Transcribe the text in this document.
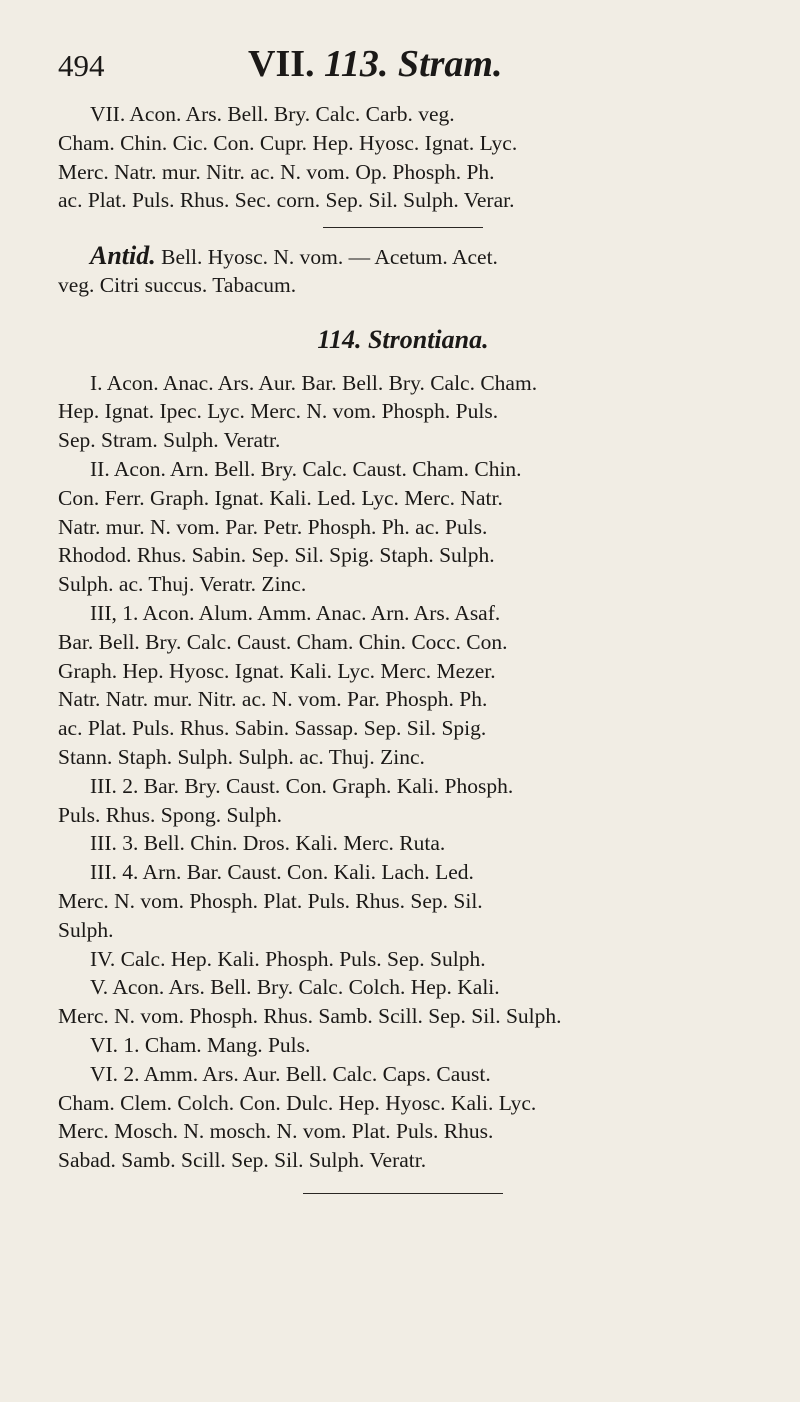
494	VII. 113. Stram.
VII. Acon. Ars. Bell. Bry. Calc. Carb. veg.
Cham. Chin. Cic. Con. Cupr. Hep. Hyosc. Ignat. Lyc.
Merc. Natr. mur. Nitr. ac. N. vom. Op. Phosph. Ph.
ac. Plat. Puls. Rhus. Sec. corn. Sep. Sil. Sulph. Verar.
Antid. Bell. Hyosc. N. vom. — Acetum. Acet.
veg. Citri succus. Tabacum.
114. Strontiana.
I. Acon. Anac. Ars. Aur. Bar. Bell. Bry. Calc. Cham.
Hep. Ignat. Ipec. Lyc. Merc. N. vom. Phosph. Puls.
Sep. Stram. Sulph. Veratr.
II. Acon. Arn. Bell. Bry. Calc. Caust. Cham. Chin.
Con. Ferr. Graph. Ignat. Kali. Led. Lyc. Merc. Natr.
Natr. mur. N. vom. Par. Petr. Phosph. Ph. ac. Puls.
Rhodod. Rhus. Sabin. Sep. Sil. Spig. Staph. Sulph.
Sulph. ac. Thuj. Veratr. Zinc.
III, 1. Acon. Alum. Amm. Anac. Arn. Ars. Asaf.
Bar. Bell. Bry. Calc. Caust. Cham. Chin. Cocc. Con.
Graph. Hep. Hyosc. Ignat. Kali. Lyc. Merc. Mezer.
Natr. Natr. mur. Nitr. ac. N. vom. Par. Phosph. Ph.
ac. Plat. Puls. Rhus. Sabin. Sassap. Sep. Sil. Spig.
Stann. Staph. Sulph. Sulph. ac. Thuj. Zinc.
III. 2. Bar. Bry. Caust. Con. Graph. Kali. Phosph.
Puls. Rhus. Spong. Sulph.
III. 3. Bell. Chin. Dros. Kali. Merc. Ruta.
III. 4. Arn. Bar. Caust. Con. Kali. Lach. Led.
Merc. N. vom. Phosph. Plat. Puls. Rhus. Sep. Sil.
Sulph.
IV. Calc. Hep. Kali. Phosph. Puls. Sep. Sulph.
V. Acon. Ars. Bell. Bry. Calc. Colch. Hep. Kali.
Merc. N. vom. Phosph. Rhus. Samb. Scill. Sep. Sil. Sulph.
VI. 1. Cham. Mang. Puls.
VI. 2. Amm. Ars. Aur. Bell. Calc. Caps. Caust.
Cham. Clem. Colch. Con. Dulc. Hep. Hyosc. Kali. Lyc.
Merc. Mosch. N. mosch. N. vom. Plat. Puls. Rhus.
Sabad. Samb. Scill. Sep. Sil. Sulph. Veratr.
